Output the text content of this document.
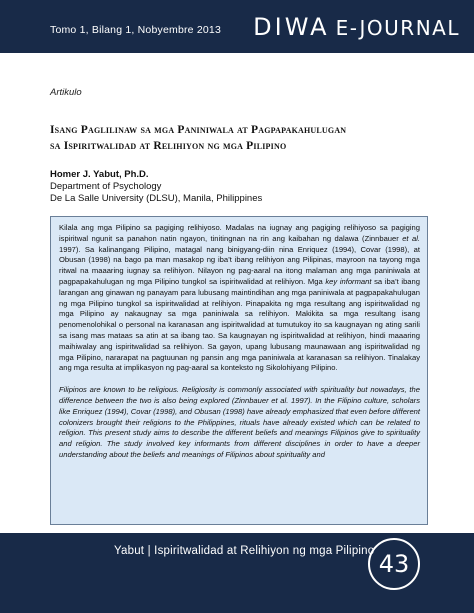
Tomo 1, Bilang 1, Nobyembre 2013 DIWA E-JOURNAL
Artikulo
Isang Paglilinaw sa mga Paniniwala at Pagpapakahulugan
sa Ispiritwalidad at Relihiyon ng mga Pilipino
Homer J. Yabut, Ph.D.
Department of Psychology
De La Salle University (DLSU), Manila, Philippines

Kilala ang mga Pilipino sa pagiging relihiyoso. Madalas na iugnay ang pagiging relihiyoso sa pagiging ispiritwal ngunit sa panahon natin ngayon, tinitingnan na rin ang kaibahan ng dalawa (Zinnbauer et al. 1997). Sa kalinangang Pilipino, matagal nang binigyang-diin nina Enriquez (1994), Covar (1998), at Obusan (1998) na bago pa man masakop ng iba’t ibang relihiyon ang Pilipinas, mayroon na tayong mga ritwal na maaaring iugnay sa relihiyon. Nilayon ng pag-aaral na itong malaman ang mga paniniwala at pagpapakahulugan ng mga Pilipino tungkol sa ispiritwalidad at relihiyon. Mga key informant sa iba’t ibang larangan ang ginawan ng panayam para lubusang maintindihan ang mga paniniwala at pagpapakahulugan ng mga Pilipino tungkol sa ispiritwalidad at relihiyon. Pinapakita ng mga resultang ang ispiritwalidad ng mga Pilipino ay nakaugnay sa mga paniniwala sa relihiyon. Makikita sa mga resultang isang penomenolohikal o personal na karanasan ang ispiritwalidad at tumutukoy ito sa kaugnayan ng ating sarili sa isang mas mataas sa atin at sa ibang tao. Sa kaugnayan ng ispiritwalidad at relihiyon, hindi maaaring maihiwalay ang ispiritwalidad sa relihiyon. Sa gayon, upang lubusang maunawaan ang ispiritwalidad ng mga Pilipino, nararapat na pagtuunan ng pansin ang mga paniniwala at karanasan sa relihiyon. Tinalakay ang mga resulta at implikasyon ng pag-aaral sa konteksto ng Sikolohiyang Pilipino.

Filipinos are known to be religious. Religiosity is commonly associated with spirituality but nowadays, the difference between the two is also being explored (Zinnbauer et al. 1997). In the Filipino culture, scholars like Enriquez (1994), Covar (1998), and Obusan (1998) have already emphasized that even before different colonizers brought their religions to the Philippines, rituals have already existed which can be related to religion. This present study aims to describe the different beliefs and meanings Filipinos give to spirituality and religion. The study involved key informants from different disciplines in order to have a deeper understanding about the beliefs and meanings of Filipinos about spirituality and

Yabut | Ispiritwalidad at Relihiyon ng mga Pilipino 43
